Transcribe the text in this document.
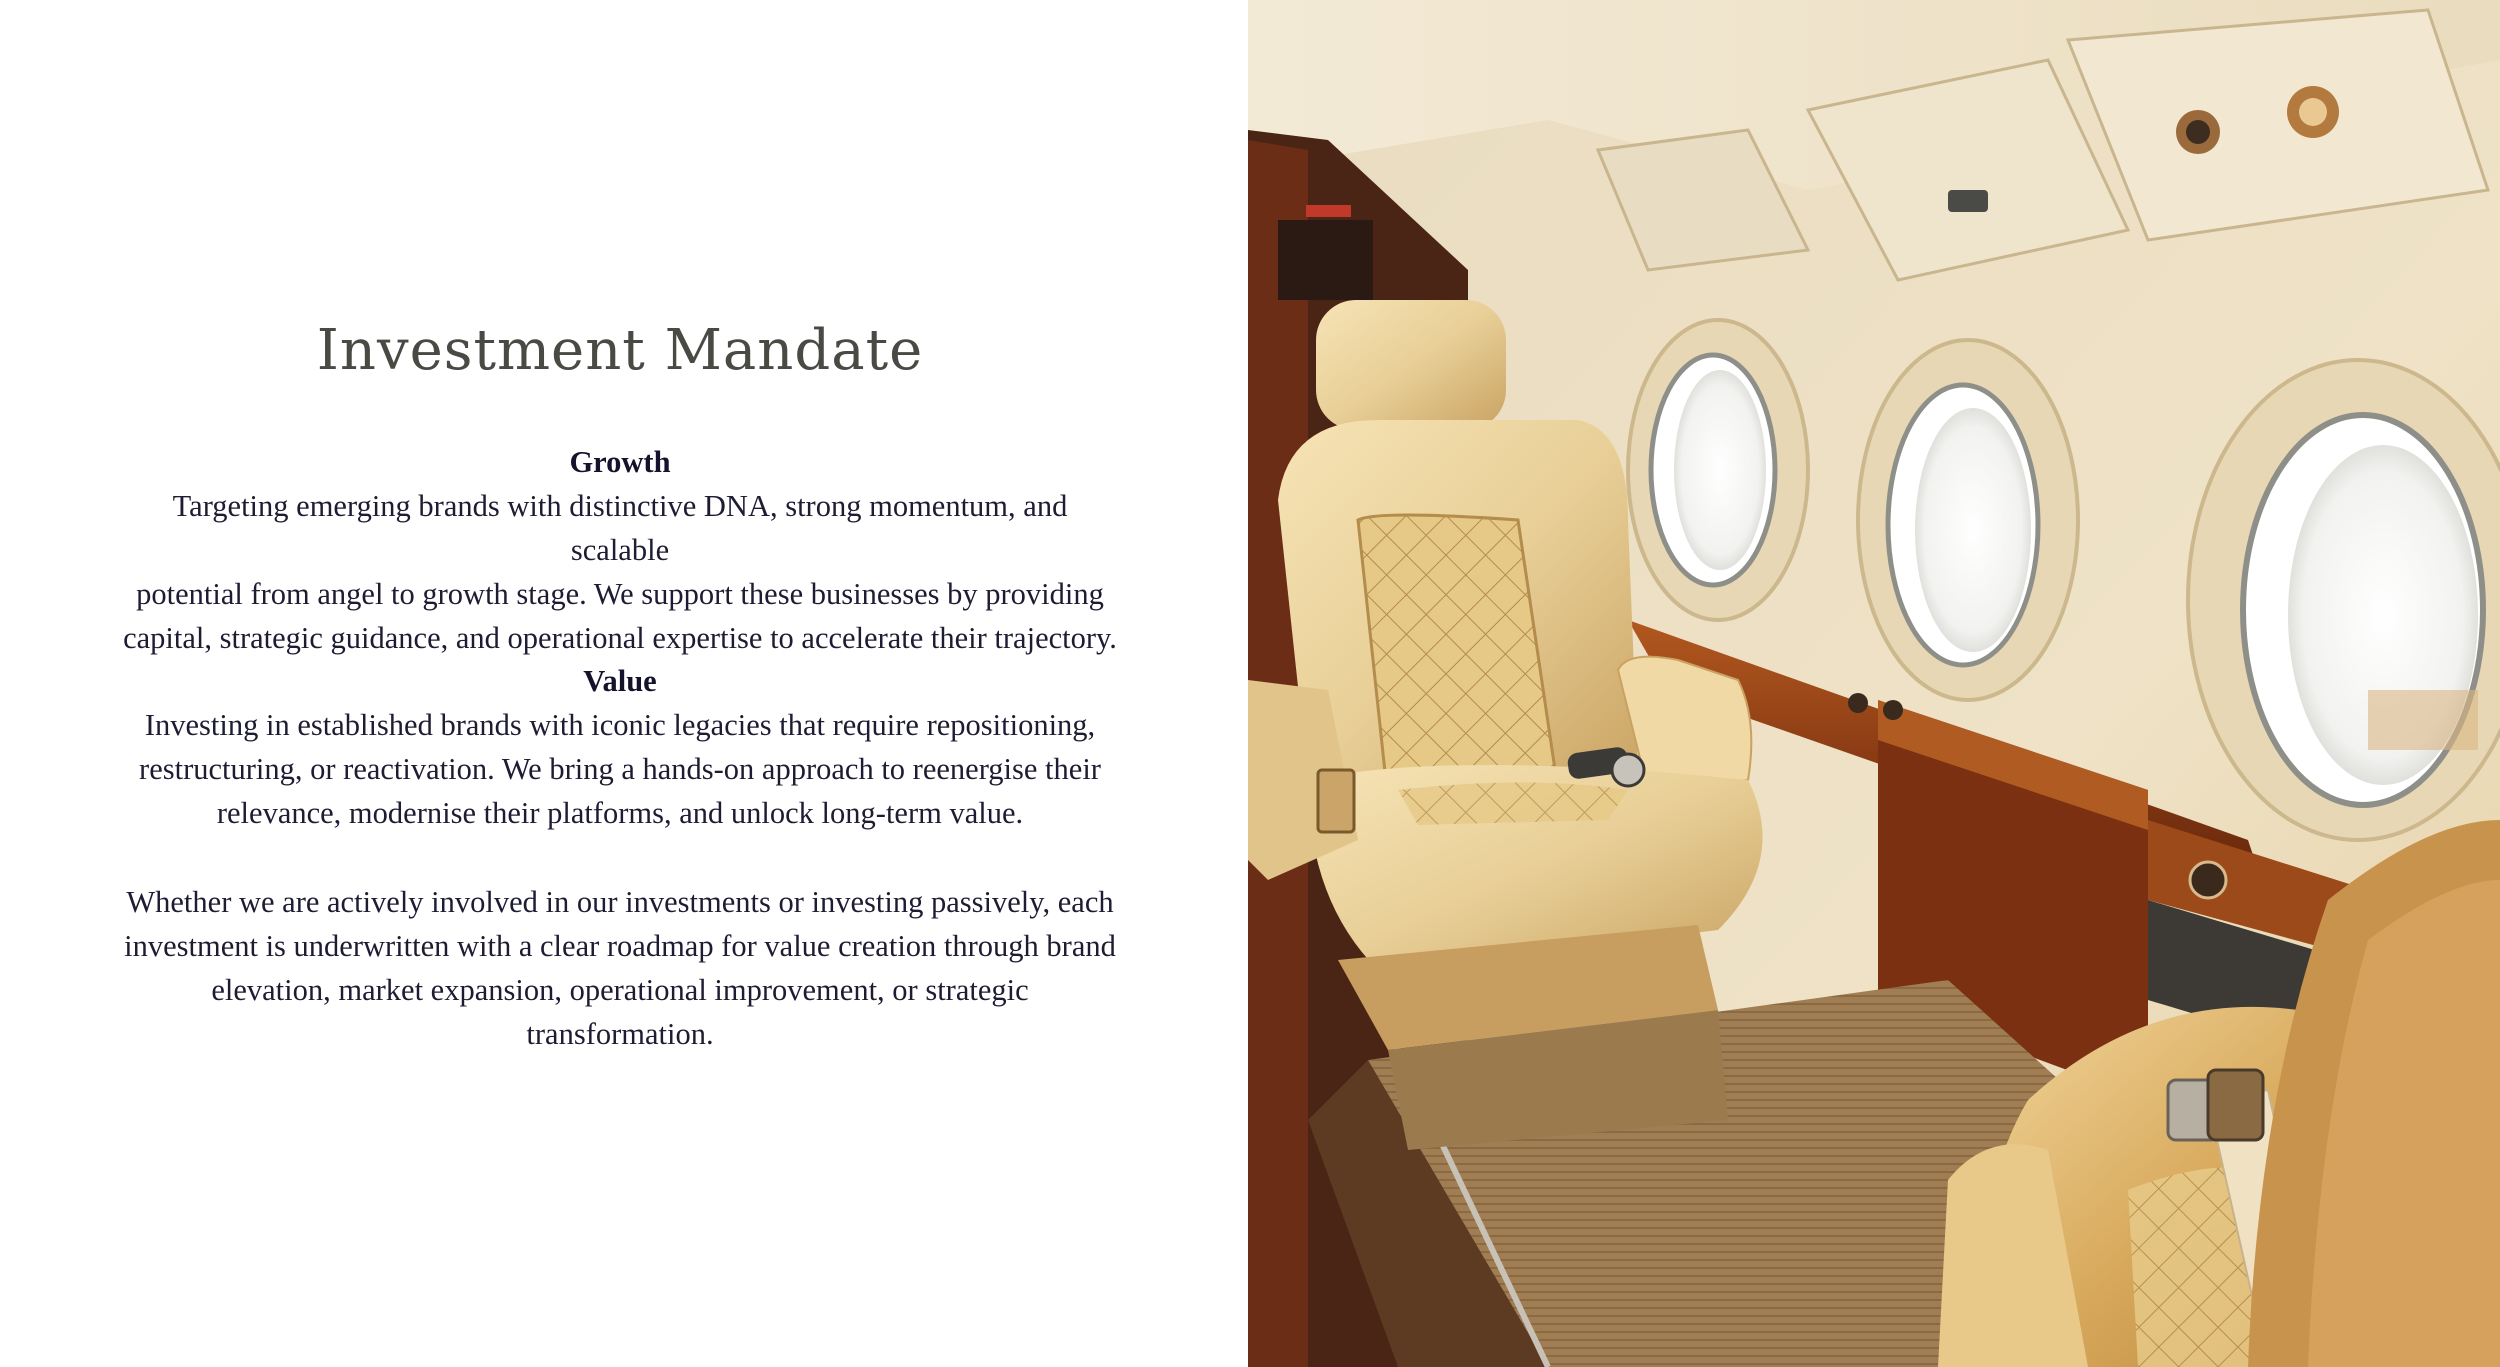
Investment Mandate
Growth

Targeting emerging brands with distinctive DNA, strong momentum, and scalable

potential from angel to growth stage. We support these businesses by providing

capital, strategic guidance, and operational expertise to accelerate their trajectory.

Value

Investing in established brands with iconic legacies that require repositioning,

restructuring, or reactivation. We bring a hands-on approach to reenergise their

relevance, modernise their platforms, and unlock long-term value.

Whether we are actively involved in our investments or investing passively, each

investment is underwritten with a clear roadmap for value creation through brand

elevation, market expansion, operational improvement, or strategic

transformation.
